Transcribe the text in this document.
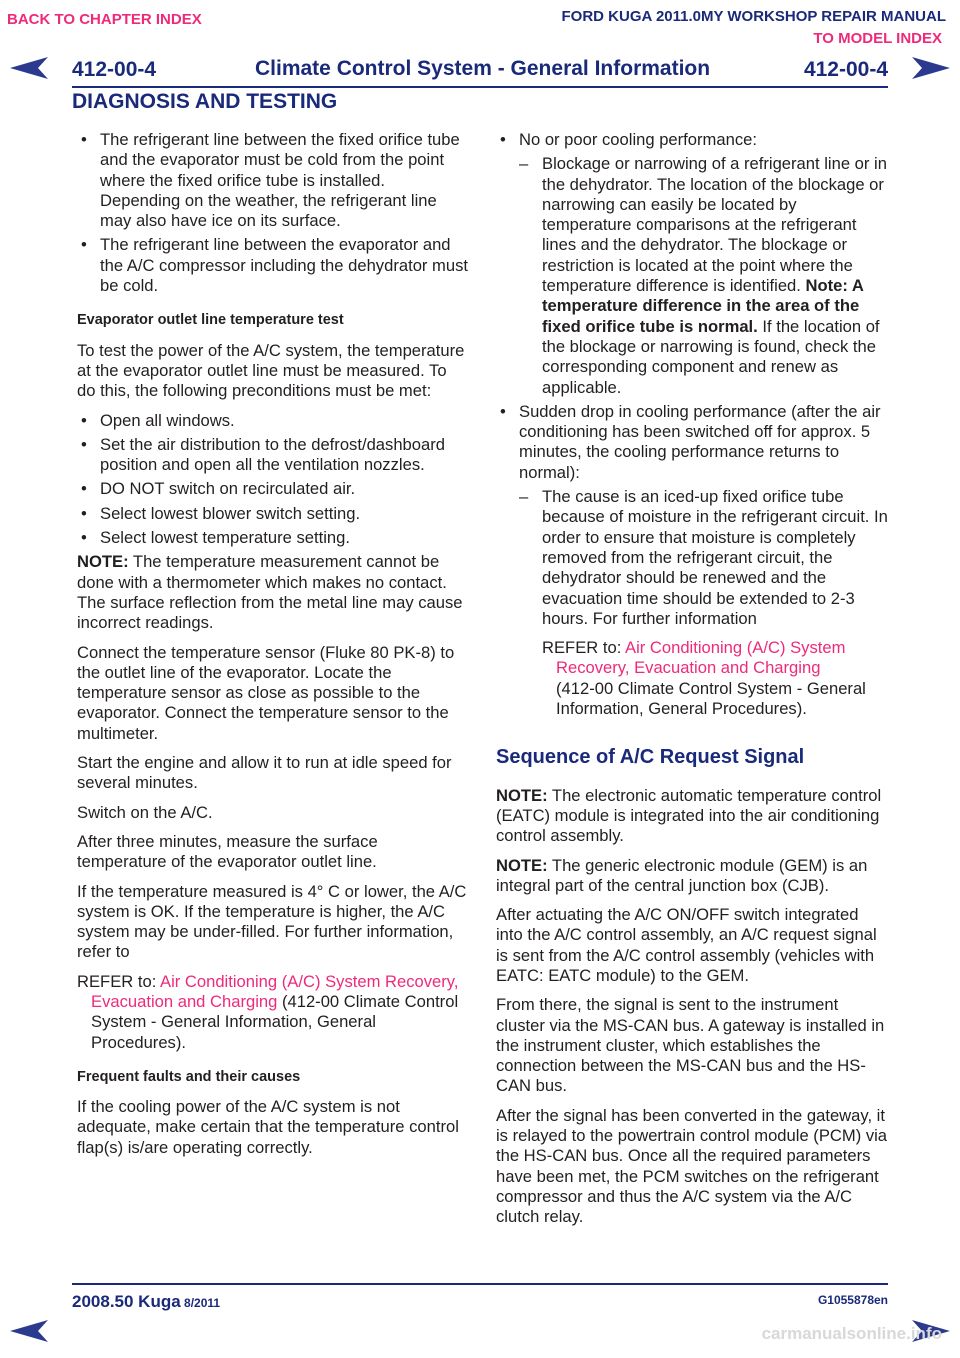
BACK TO CHAPTER INDEX	FORD KUGA 2011.0MY WORKSHOP REPAIR MANUAL
TO MODEL INDEX
412-00-4	Climate Control System - General Information	412-00-4
DIAGNOSIS AND TESTING
• The refrigerant line between the fixed orifice tube and the evaporator must be cold from the point where the fixed orifice tube is installed. Depending on the weather, the refrigerant line may also have ice on its surface.
• The refrigerant line between the evaporator and the A/C compressor including the dehydrator must be cold.
Evaporator outlet line temperature test

To test the power of the A/C system, the temperature at the evaporator outlet line must be measured. To do this, the following preconditions must be met:

• Open all windows.
• Set the air distribution to the defrost/dashboard position and open all the ventilation nozzles.
• DO NOT switch on recirculated air.
• Select lowest blower switch setting.
• Select lowest temperature setting.

NOTE: The temperature measurement cannot be done with a thermometer which makes no contact. The surface reflection from the metal line may cause incorrect readings.

Connect the temperature sensor (Fluke 80 PK-8) to the outlet line of the evaporator. Locate the temperature sensor as close as possible to the evaporator. Connect the temperature sensor to the multimeter.

Start the engine and allow it to run at idle speed for several minutes.

Switch on the A/C.

After three minutes, measure the surface temperature of the evaporator outlet line.

If the temperature measured is 4° C or lower, the A/C system is OK. If the temperature is higher, the A/C system may be under-filled. For further information, refer to

REFER to: Air Conditioning (A/C) System Recovery, Evacuation and Charging (412-00 Climate Control System - General Information, General Procedures).

Frequent faults and their causes

If the cooling power of the A/C system is not adequate, make certain that the temperature control flap(s) is/are operating correctly.

• No or poor cooling performance:
– Blockage or narrowing of a refrigerant line or in the dehydrator. The location of the blockage or narrowing can easily be located by temperature comparisons at the refrigerant lines and the dehydrator. The blockage or restriction is located at the point where the temperature difference is identified. Note: A temperature difference in the area of the fixed orifice tube is normal. If the location of the blockage or narrowing is found, check the corresponding component and renew as applicable.
• Sudden drop in cooling performance (after the air conditioning has been switched off for approx. 5 minutes, the cooling performance returns to normal):
– The cause is an iced-up fixed orifice tube because of moisture in the refrigerant circuit. In order to ensure that moisture is completely removed from the refrigerant circuit, the dehydrator should be renewed and the evacuation time should be extended to 2-3 hours. For further information
REFER to: Air Conditioning (A/C) System Recovery, Evacuation and Charging
(412-00 Climate Control System - General Information, General Procedures).
Sequence of A/C Request Signal

NOTE: The electronic automatic temperature control (EATC) module is integrated into the air conditioning control assembly.

NOTE: The generic electronic module (GEM) is an integral part of the central junction box (CJB).

After actuating the A/C ON/OFF switch integrated into the A/C control assembly, an A/C request signal is sent from the A/C control assembly (vehicles with EATC: EATC module) to the GEM.

From there, the signal is sent to the instrument cluster via the MS-CAN bus. A gateway is installed in the instrument cluster, which establishes the connection between the MS-CAN bus and the HS-CAN bus.

After the signal has been converted in the gateway, it is relayed to the powertrain control module (PCM) via the HS-CAN bus. Once all the required parameters have been met, the PCM switches on the refrigerant compressor and thus the A/C system via the A/C clutch relay.

2008.50 Kuga 8/2011	G1055878en
carmanualsonline.info
